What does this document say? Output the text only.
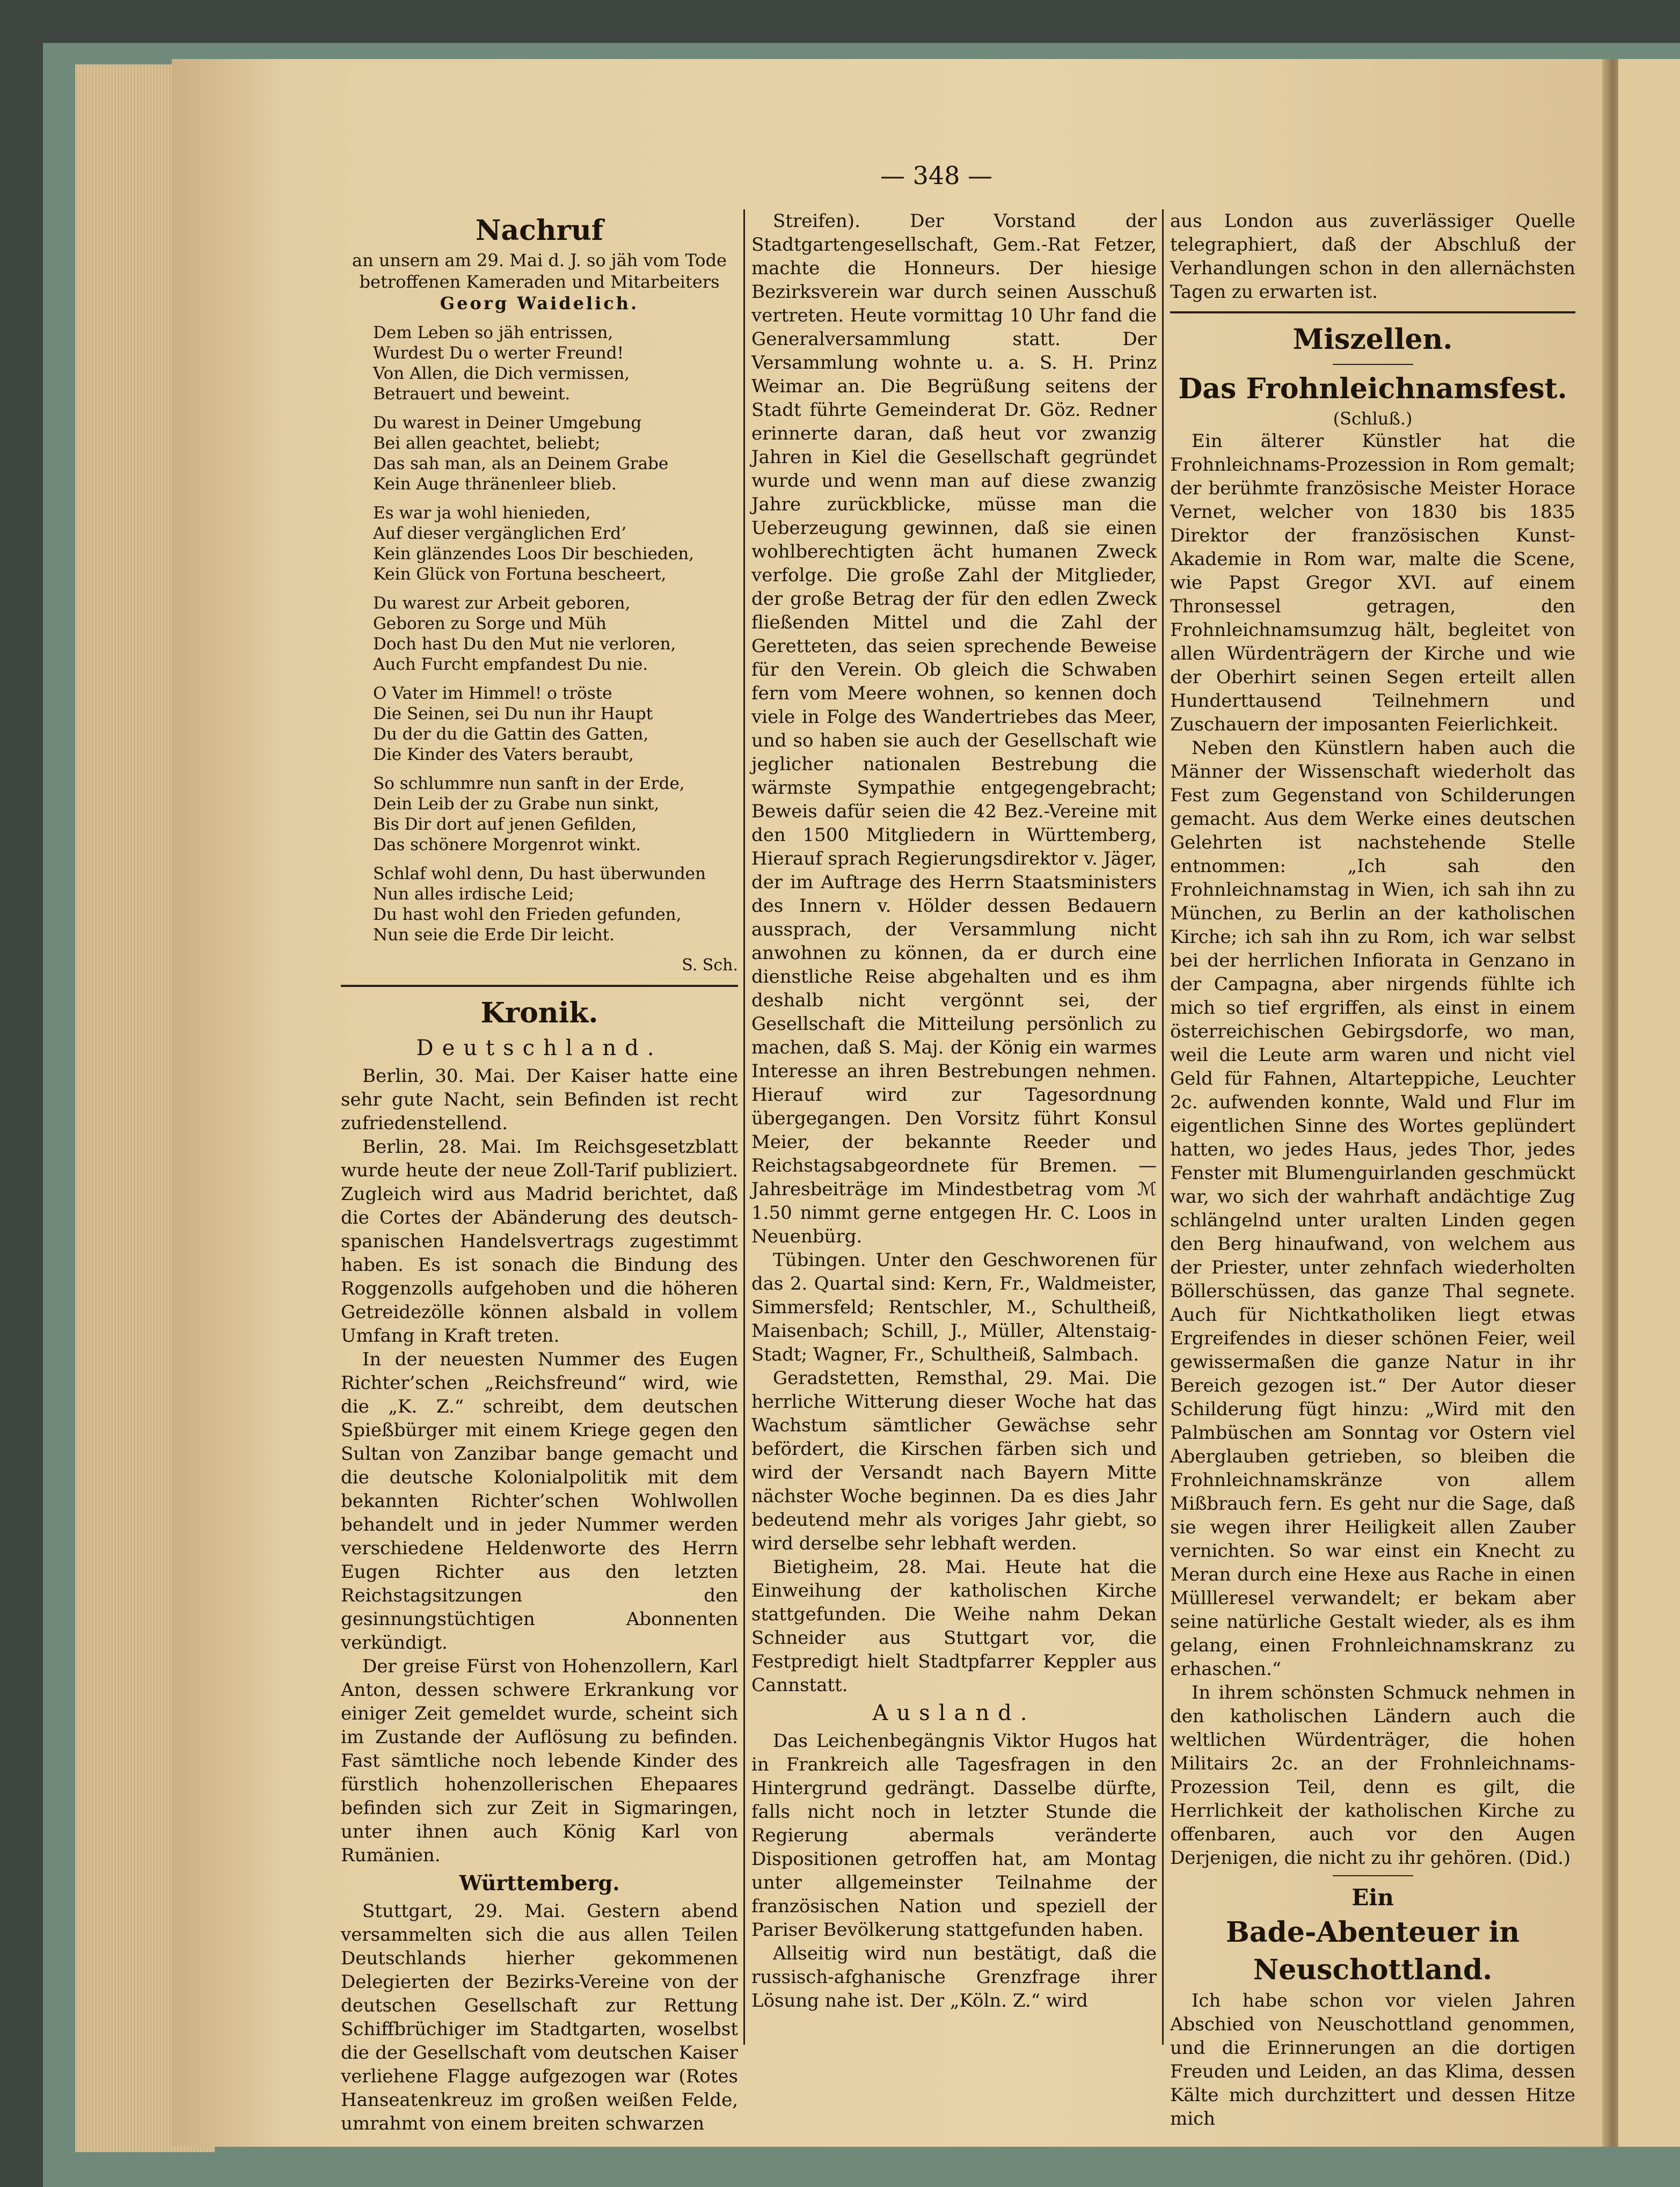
— 348 —
Nachruf
an unsern am 29. Mai d. J. so jäh vom Tode
betroffenen Kameraden und Mitarbeiters
Georg Waidelich.
Dem Leben so jäh entrissen,
Wurdest Du o werter Freund!
Von Allen, die Dich vermissen,
Betrauert und beweint.
Du warest in Deiner Umgebung
Bei allen geachtet, beliebt;
Das sah man, als an Deinem Grabe
Kein Auge thränenleer blieb.
Es war ja wohl hienieden,
Auf dieser vergänglichen Erd’
Kein glänzendes Loos Dir beschieden,
Kein Glück von Fortuna bescheert,
Du warest zur Arbeit geboren,
Geboren zu Sorge und Müh
Doch hast Du den Mut nie verloren,
Auch Furcht empfandest Du nie.
O Vater im Himmel! o tröste
Die Seinen, sei Du nun ihr Haupt
Du der du die Gattin des Gatten,
Die Kinder des Vaters beraubt,
So schlummre nun sanft in der Erde,
Dein Leib der zu Grabe nun sinkt,
Bis Dir dort auf jenen Gefilden,
Das schönere Morgenrot winkt.
Schlaf wohl denn, Du hast überwunden
Nun alles irdische Leid;
Du hast wohl den Frieden gefunden,
Nun seie die Erde Dir leicht.
S. Sch.
Kronik.
Deutschland.

Berlin, 30. Mai. Der Kaiser hatte eine sehr gute Nacht, sein Befinden ist recht zufriedenstellend.

Berlin, 28. Mai. Im Reichsgesetzblatt wurde heute der neue Zoll-Tarif publiziert. Zugleich wird aus Madrid berichtet, daß die Cortes der Abänderung des deutsch-spanischen Handelsvertrags zugestimmt haben. Es ist sonach die Bindung des Roggenzolls aufgehoben und die höheren Getreidezölle können alsbald in vollem Umfang in Kraft treten.

In der neuesten Nummer des Eugen Richter’schen „Reichsfreund“ wird, wie die „K. Z.“ schreibt, dem deutschen Spießbürger mit einem Kriege gegen den Sultan von Zanzibar bange gemacht und die deutsche Kolonialpolitik mit dem bekannten Richter’schen Wohlwollen behandelt und in jeder Nummer werden verschiedene Heldenworte des Herrn Eugen Richter aus den letzten Reichstagsitzungen den gesinnungstüchtigen Abonnenten verkündigt.

Der greise Fürst von Hohenzollern, Karl Anton, dessen schwere Erkrankung vor einiger Zeit gemeldet wurde, scheint sich im Zustande der Auflösung zu befinden. Fast sämtliche noch lebende Kinder des fürstlich hohenzollerischen Ehepaares befinden sich zur Zeit in Sigmaringen, unter ihnen auch König Karl von Rumänien.

Württemberg.

Stuttgart, 29. Mai. Gestern abend versammelten sich die aus allen Teilen Deutschlands hierher gekommenen Delegierten der Bezirks-Vereine von der deutschen Gesellschaft zur Rettung Schiffbrüchiger im Stadtgarten, woselbst die der Gesellschaft vom deutschen Kaiser verliehene Flagge aufgezogen war (Rotes Hanseatenkreuz im großen weißen Felde, umrahmt von einem breiten schwarzen

Streifen). Der Vorstand der Stadtgartengesellschaft, Gem.-Rat Fetzer, machte die Honneurs. Der hiesige Bezirksverein war durch seinen Ausschuß vertreten. Heute vormittag 10 Uhr fand die Generalversammlung statt. Der Versammlung wohnte u. a. S. H. Prinz Weimar an. Die Begrüßung seitens der Stadt führte Gemeinderat Dr. Göz. Redner erinnerte daran, daß heut vor zwanzig Jahren in Kiel die Gesellschaft gegründet wurde und wenn man auf diese zwanzig Jahre zurückblicke, müsse man die Ueberzeugung gewinnen, daß sie einen wohlberechtigten ächt humanen Zweck verfolge. Die große Zahl der Mitglieder, der große Betrag der für den edlen Zweck fließenden Mittel und die Zahl der Geretteten, das seien sprechende Beweise für den Verein. Ob gleich die Schwaben fern vom Meere wohnen, so kennen doch viele in Folge des Wandertriebes das Meer, und so haben sie auch der Gesellschaft wie jeglicher nationalen Bestrebung die wärmste Sympathie entgegengebracht; Beweis dafür seien die 42 Bez.-Vereine mit den 1500 Mitgliedern in Württemberg, Hierauf sprach Regierungsdirektor v. Jäger, der im Auftrage des Herrn Staatsministers des Innern v. Hölder dessen Bedauern aussprach, der Versammlung nicht anwohnen zu können, da er durch eine dienstliche Reise abgehalten und es ihm deshalb nicht vergönnt sei, der Gesellschaft die Mitteilung persönlich zu machen, daß S. Maj. der König ein warmes Interesse an ihren Bestrebungen nehmen. Hierauf wird zur Tagesordnung übergegangen. Den Vorsitz führt Konsul Meier, der bekannte Reeder und Reichstagsabgeordnete für Bremen. — Jahresbeiträge im Mindestbetrag vom ℳ 1.50 nimmt gerne entgegen Hr. C. Loos in Neuenbürg.

Tübingen. Unter den Geschworenen für das 2. Quartal sind: Kern, Fr., Waldmeister, Simmersfeld; Rentschler, M., Schultheiß, Maisenbach; Schill, J., Müller, Altenstaig-Stadt; Wagner, Fr., Schultheiß, Salmbach.

Geradstetten, Remsthal, 29. Mai. Die herrliche Witterung dieser Woche hat das Wachstum sämtlicher Gewächse sehr befördert, die Kirschen färben sich und wird der Versandt nach Bayern Mitte nächster Woche beginnen. Da es dies Jahr bedeutend mehr als voriges Jahr giebt, so wird derselbe sehr lebhaft werden.

Bietigheim, 28. Mai. Heute hat die Einweihung der katholischen Kirche stattgefunden. Die Weihe nahm Dekan Schneider aus Stuttgart vor, die Festpredigt hielt Stadtpfarrer Keppler aus Cannstatt.

Ausland.

Das Leichenbegängnis Viktor Hugos hat in Frankreich alle Tagesfragen in den Hintergrund gedrängt. Dasselbe dürfte, falls nicht noch in letzter Stunde die Regierung abermals veränderte Dispositionen getroffen hat, am Montag unter allgemeinster Teilnahme der französischen Nation und speziell der Pariser Bevölkerung stattgefunden haben.

Allseitig wird nun bestätigt, daß die russisch-afghanische Grenzfrage ihrer Lösung nahe ist. Der „Köln. Z.“ wird

aus London aus zuverlässiger Quelle telegraphiert, daß der Abschluß der Verhandlungen schon in den allernächsten Tagen zu erwarten ist.

Miszellen.
Das Frohnleichnamsfest.
(Schluß.)

Ein älterer Künstler hat die Frohnleichnams-Prozession in Rom gemalt; der berühmte französische Meister Horace Vernet, welcher von 1830 bis 1835 Direktor der französischen Kunst-Akademie in Rom war, malte die Scene, wie Papst Gregor XVI. auf einem Thronsessel getragen, den Frohnleichnamsumzug hält, begleitet von allen Würdenträgern der Kirche und wie der Oberhirt seinen Segen erteilt allen Hunderttausend Teilnehmern und Zuschauern der imposanten Feierlichkeit.

Neben den Künstlern haben auch die Männer der Wissenschaft wiederholt das Fest zum Gegenstand von Schilderungen gemacht. Aus dem Werke eines deutschen Gelehrten ist nachstehende Stelle entnommen: „Ich sah den Frohnleichnamstag in Wien, ich sah ihn zu München, zu Berlin an der katholischen Kirche; ich sah ihn zu Rom, ich war selbst bei der herrlichen Infiorata in Genzano in der Campagna, aber nirgends fühlte ich mich so tief ergriffen, als einst in einem österreichischen Gebirgsdorfe, wo man, weil die Leute arm waren und nicht viel Geld für Fahnen, Altarteppiche, Leuchter 2c. aufwenden konnte, Wald und Flur im eigentlichen Sinne des Wortes geplündert hatten, wo jedes Haus, jedes Thor, jedes Fenster mit Blumenguirlanden geschmückt war, wo sich der wahrhaft andächtige Zug schlängelnd unter uralten Linden gegen den Berg hinaufwand, von welchem aus der Priester, unter zehnfach wiederholten Böllerschüssen, das ganze Thal segnete. Auch für Nichtkatholiken liegt etwas Ergreifendes in dieser schönen Feier, weil gewissermaßen die ganze Natur in ihr Bereich gezogen ist.“ Der Autor dieser Schilderung fügt hinzu: „Wird mit den Palmbüschen am Sonntag vor Ostern viel Aberglauben getrieben, so bleiben die Frohnleichnamskränze von allem Mißbrauch fern. Es geht nur die Sage, daß sie wegen ihrer Heiligkeit allen Zauber vernichten. So war einst ein Knecht zu Meran durch eine Hexe aus Rache in einen Müllleresel verwandelt; er bekam aber seine natürliche Gestalt wieder, als es ihm gelang, einen Frohnleichnamskranz zu erhaschen.“

In ihrem schönsten Schmuck nehmen in den katholischen Ländern auch die weltlichen Würdenträger, die hohen Militairs 2c. an der Frohnleichnams-Prozession Teil, denn es gilt, die Herrlichkeit der katholischen Kirche zu offenbaren, auch vor den Augen Derjenigen, die nicht zu ihr gehören. (Did.)

Ein
Bade-Abenteuer in Neuschottland.

Ich habe schon vor vielen Jahren Abschied von Neuschottland genommen, und die Erinnerungen an die dortigen Freuden und Leiden, an das Klima, dessen Kälte mich durchzittert und dessen Hitze mich
